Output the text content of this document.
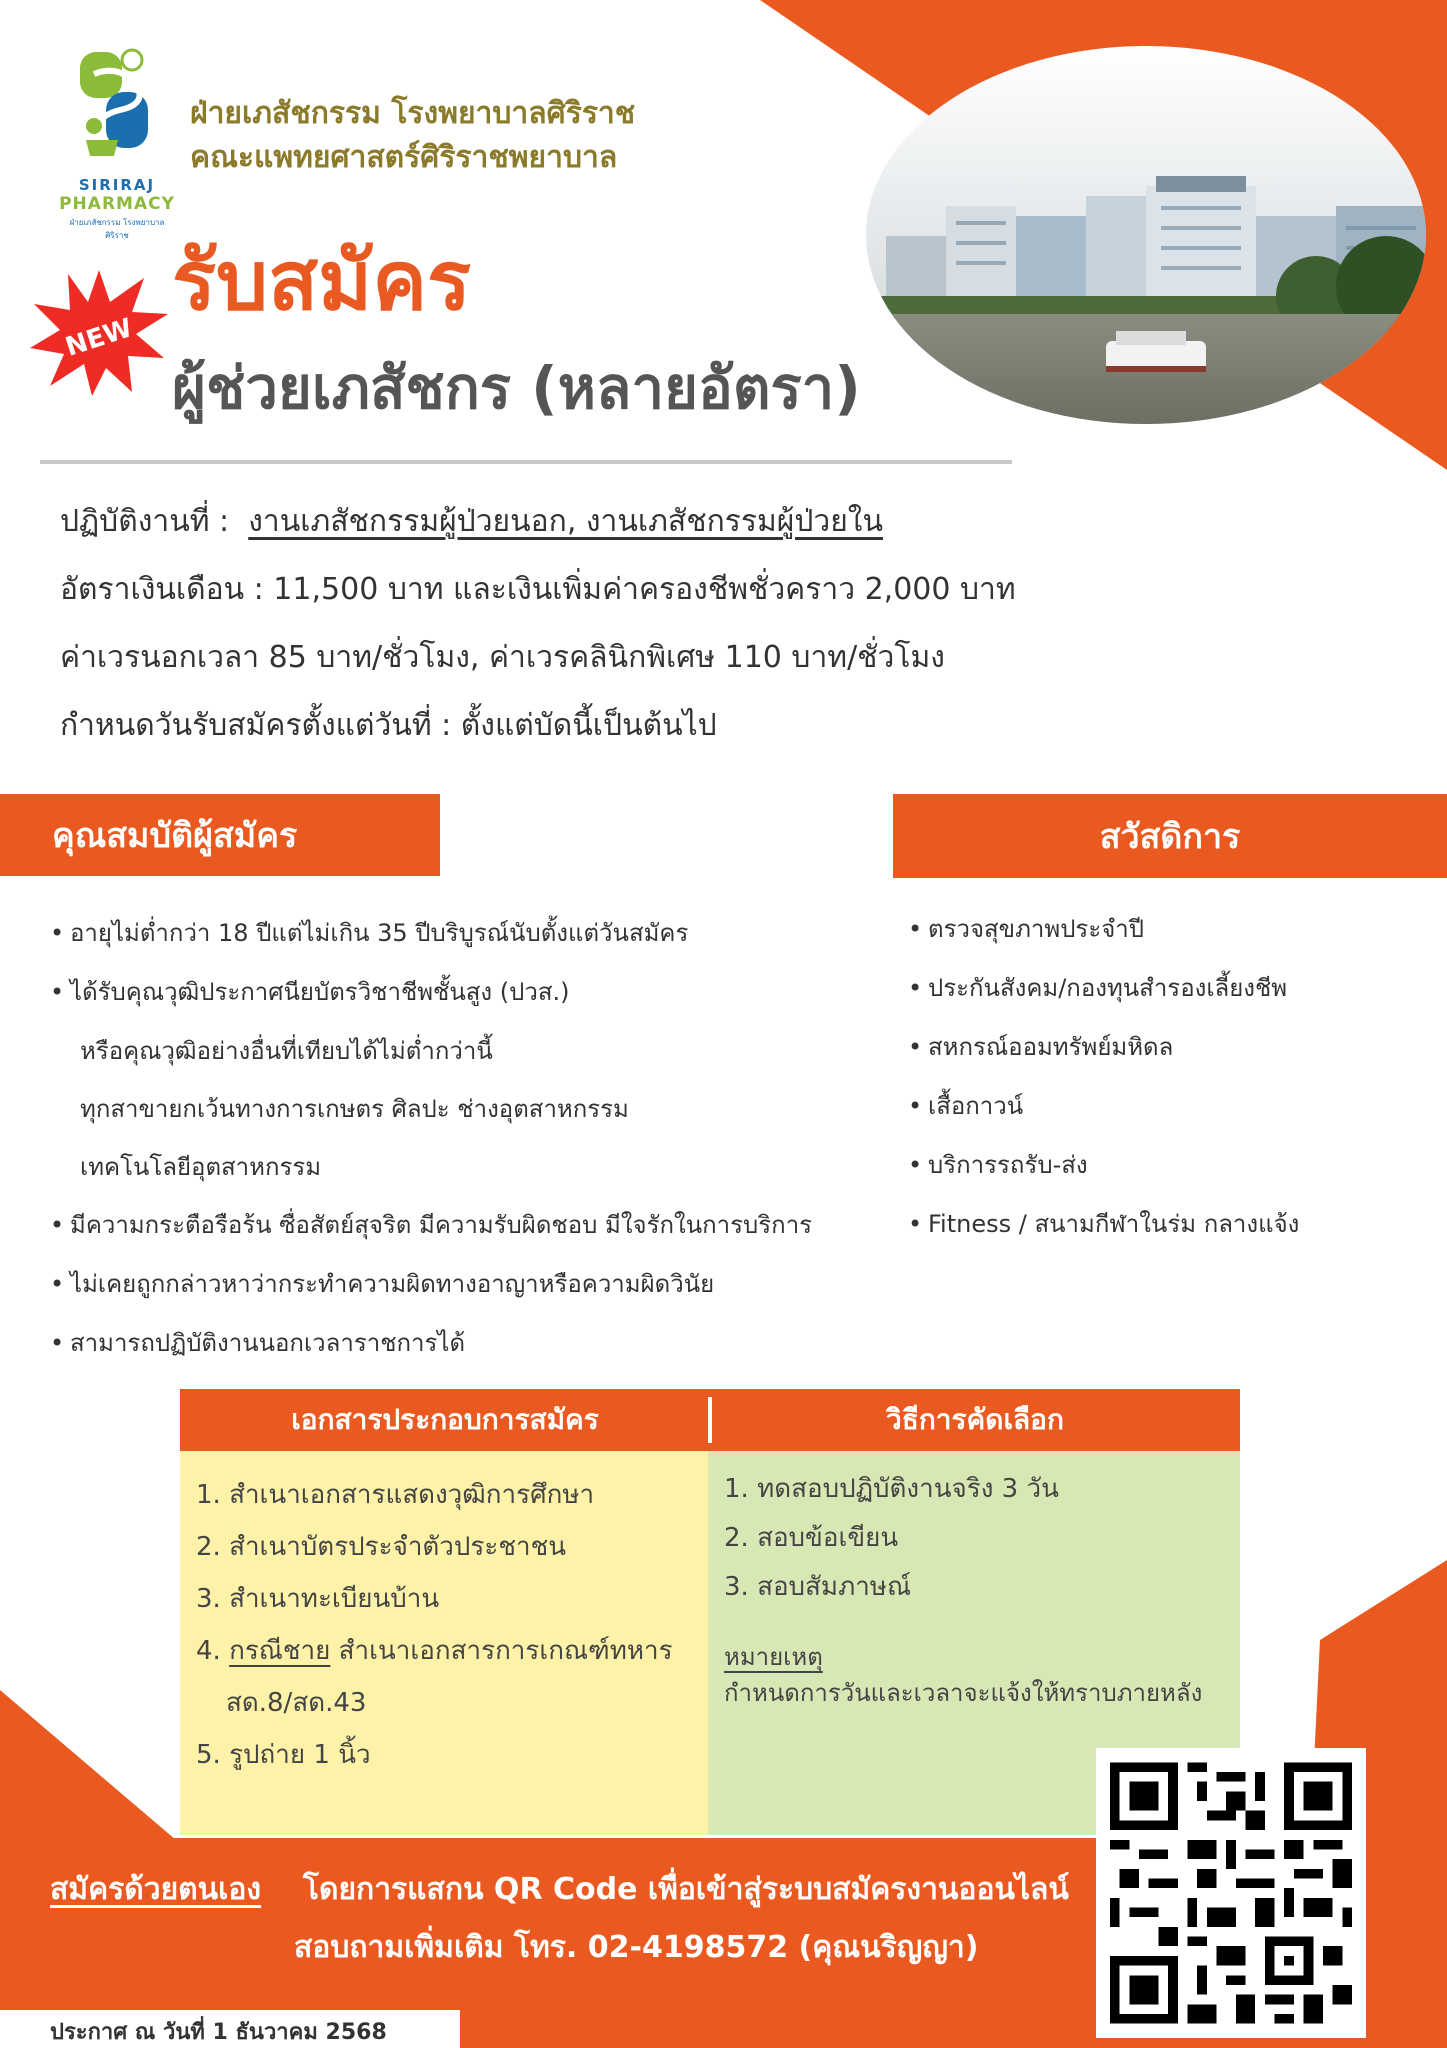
SIRIRAJ
PHARMACY
ฝ่ายเภสัชกรรม โรงพยาบาลศิริราช
ฝ่ายเภสัชกรรม โรงพยาบาลศิริราช
คณะแพทยศาสตร์ศิริราชพยาบาล
NEW
รับสมัคร
ผู้ช่วยเภสัชกร (หลายอัตรา)
ปฏิบัติงานที่ : งานเภสัชกรรมผู้ป่วยนอก, งานเภสัชกรรมผู้ป่วยใน
อัตราเงินเดือน : 11,500 บาท และเงินเพิ่มค่าครองชีพชั่วคราว 2,000 บาท
ค่าเวรนอกเวลา 85 บาท/ชั่วโมง, ค่าเวรคลินิกพิเศษ 110 บาท/ชั่วโมง
กำหนดวันรับสมัครตั้งแต่วันที่ : ตั้งแต่บัดนี้เป็นต้นไป
คุณสมบัติผู้สมัคร
• อายุไม่ต่ำกว่า 18 ปีแต่ไม่เกิน 35 ปีบริบูรณ์นับตั้งแต่วันสมัคร
• ได้รับคุณวุฒิประกาศนียบัตรวิชาชีพชั้นสูง (ปวส.)
หรือคุณวุฒิอย่างอื่นที่เทียบได้ไม่ต่ำกว่านี้
ทุกสาขายกเว้นทางการเกษตร ศิลปะ ช่างอุตสาหกรรม
เทคโนโลยีอุตสาหกรรม
• มีความกระตือรือร้น ซื่อสัตย์สุจริต มีความรับผิดชอบ มีใจรักในการบริการ
• ไม่เคยถูกกล่าวหาว่ากระทำความผิดทางอาญาหรือความผิดวินัย
• สามารถปฏิบัติงานนอกเวลาราชการได้
สวัสดิการ
• ตรวจสุขภาพประจำปี
• ประกันสังคม/กองทุนสำรองเลี้ยงชีพ
• สหกรณ์ออมทรัพย์มหิดล
• เสื้อกาวน์
• บริการรถรับ-ส่ง
• Fitness / สนามกีฬาในร่ม กลางแจ้ง
เอกสารประกอบการสมัคร	วิธีการคัดเลือก
1. สำเนาเอกสารแสดงวุฒิการศึกษา
2. สำเนาบัตรประจำตัวประชาชน
3. สำเนาทะเบียนบ้าน
4. กรณีชาย สำเนาเอกสารการเกณฑ์ทหาร
สด.8/สด.43
5. รูปถ่าย 1 นิ้ว
1. ทดสอบปฏิบัติงานจริง 3 วัน
2. สอบข้อเขียน
3. สอบสัมภาษณ์
หมายเหตุ
กำหนดการวันและเวลาจะแจ้งให้ทราบภายหลัง
สมัครด้วยตนเอง โดยการแสกน QR Code เพื่อเข้าสู่ระบบสมัครงานออนไลน์
สอบถามเพิ่มเติม โทร. 02-4198572 (คุณนริญญา)
ประกาศ ณ วันที่ 1 ธันวาคม 2568
